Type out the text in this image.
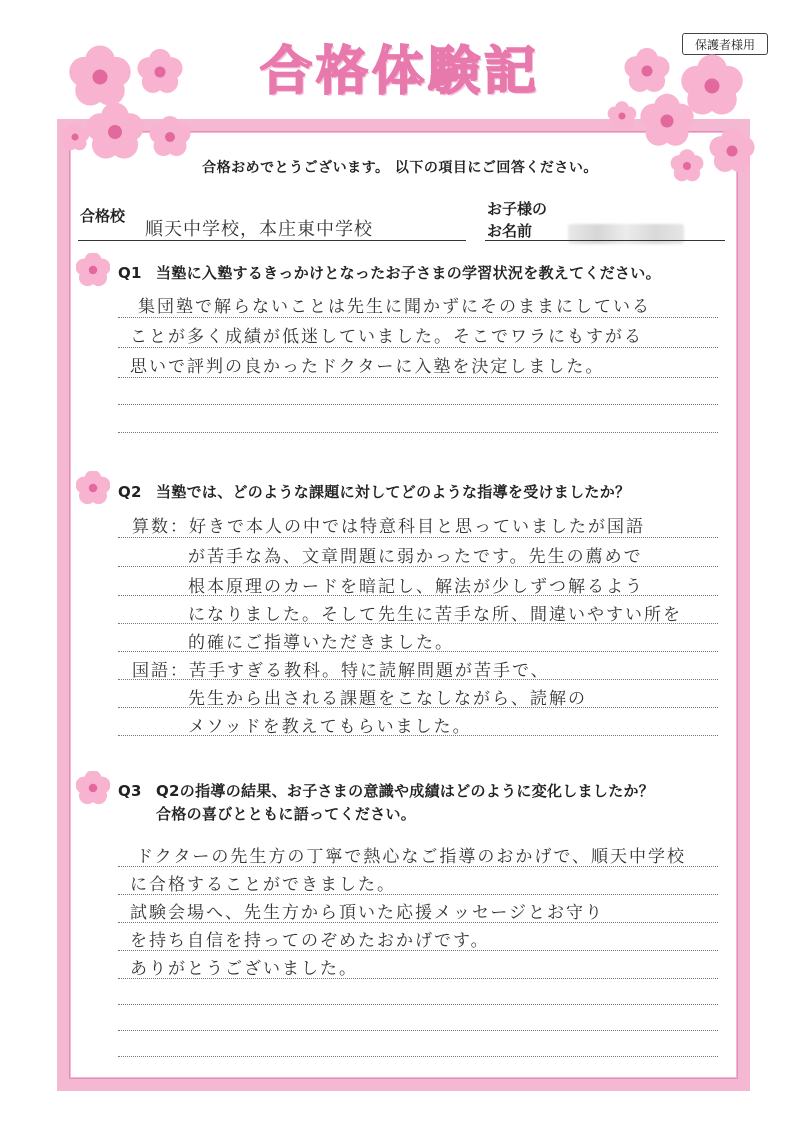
保護者様用
合格体験記
合格おめでとうございます。 以下の項目にご回答ください。
合格校
順天中学校，本庄東中学校
お子様の
お名前
Q1 当塾に入塾するきっかけとなったお子さまの学習状況を教えてください。
集団塾で解らないことは先生に聞かずにそのままにしている
ことが多く成績が低迷していました。そこでワラにもすがる
思いで評判の良かったドクターに入塾を決定しました。
Q2 当塾では、どのような課題に対してどのような指導を受けましたか？
算数：好きで本人の中では特意科目と思っていましたが国語
が苦手な為、文章問題に弱かったです。先生の薦めで
根本原理のカードを暗記し、解法が少しずつ解るよう
になりました。そして先生に苦手な所、間違いやすい所を
的確にご指導いただきました。
国語：苦手すぎる教科。特に読解問題が苦手で、
先生から出される課題をこなしながら、読解の
メソッドを教えてもらいました。
Q3 Q2の指導の結果、お子さまの意識や成績はどのように変化しましたか？
合格の喜びとともに語ってください。
ドクターの先生方の丁寧で熱心なご指導のおかげで、順天中学校
に合格することができました。
試験会場へ、先生方から頂いた応援メッセージとお守り
を持ち自信を持ってのぞめたおかげです。
ありがとうございました。
